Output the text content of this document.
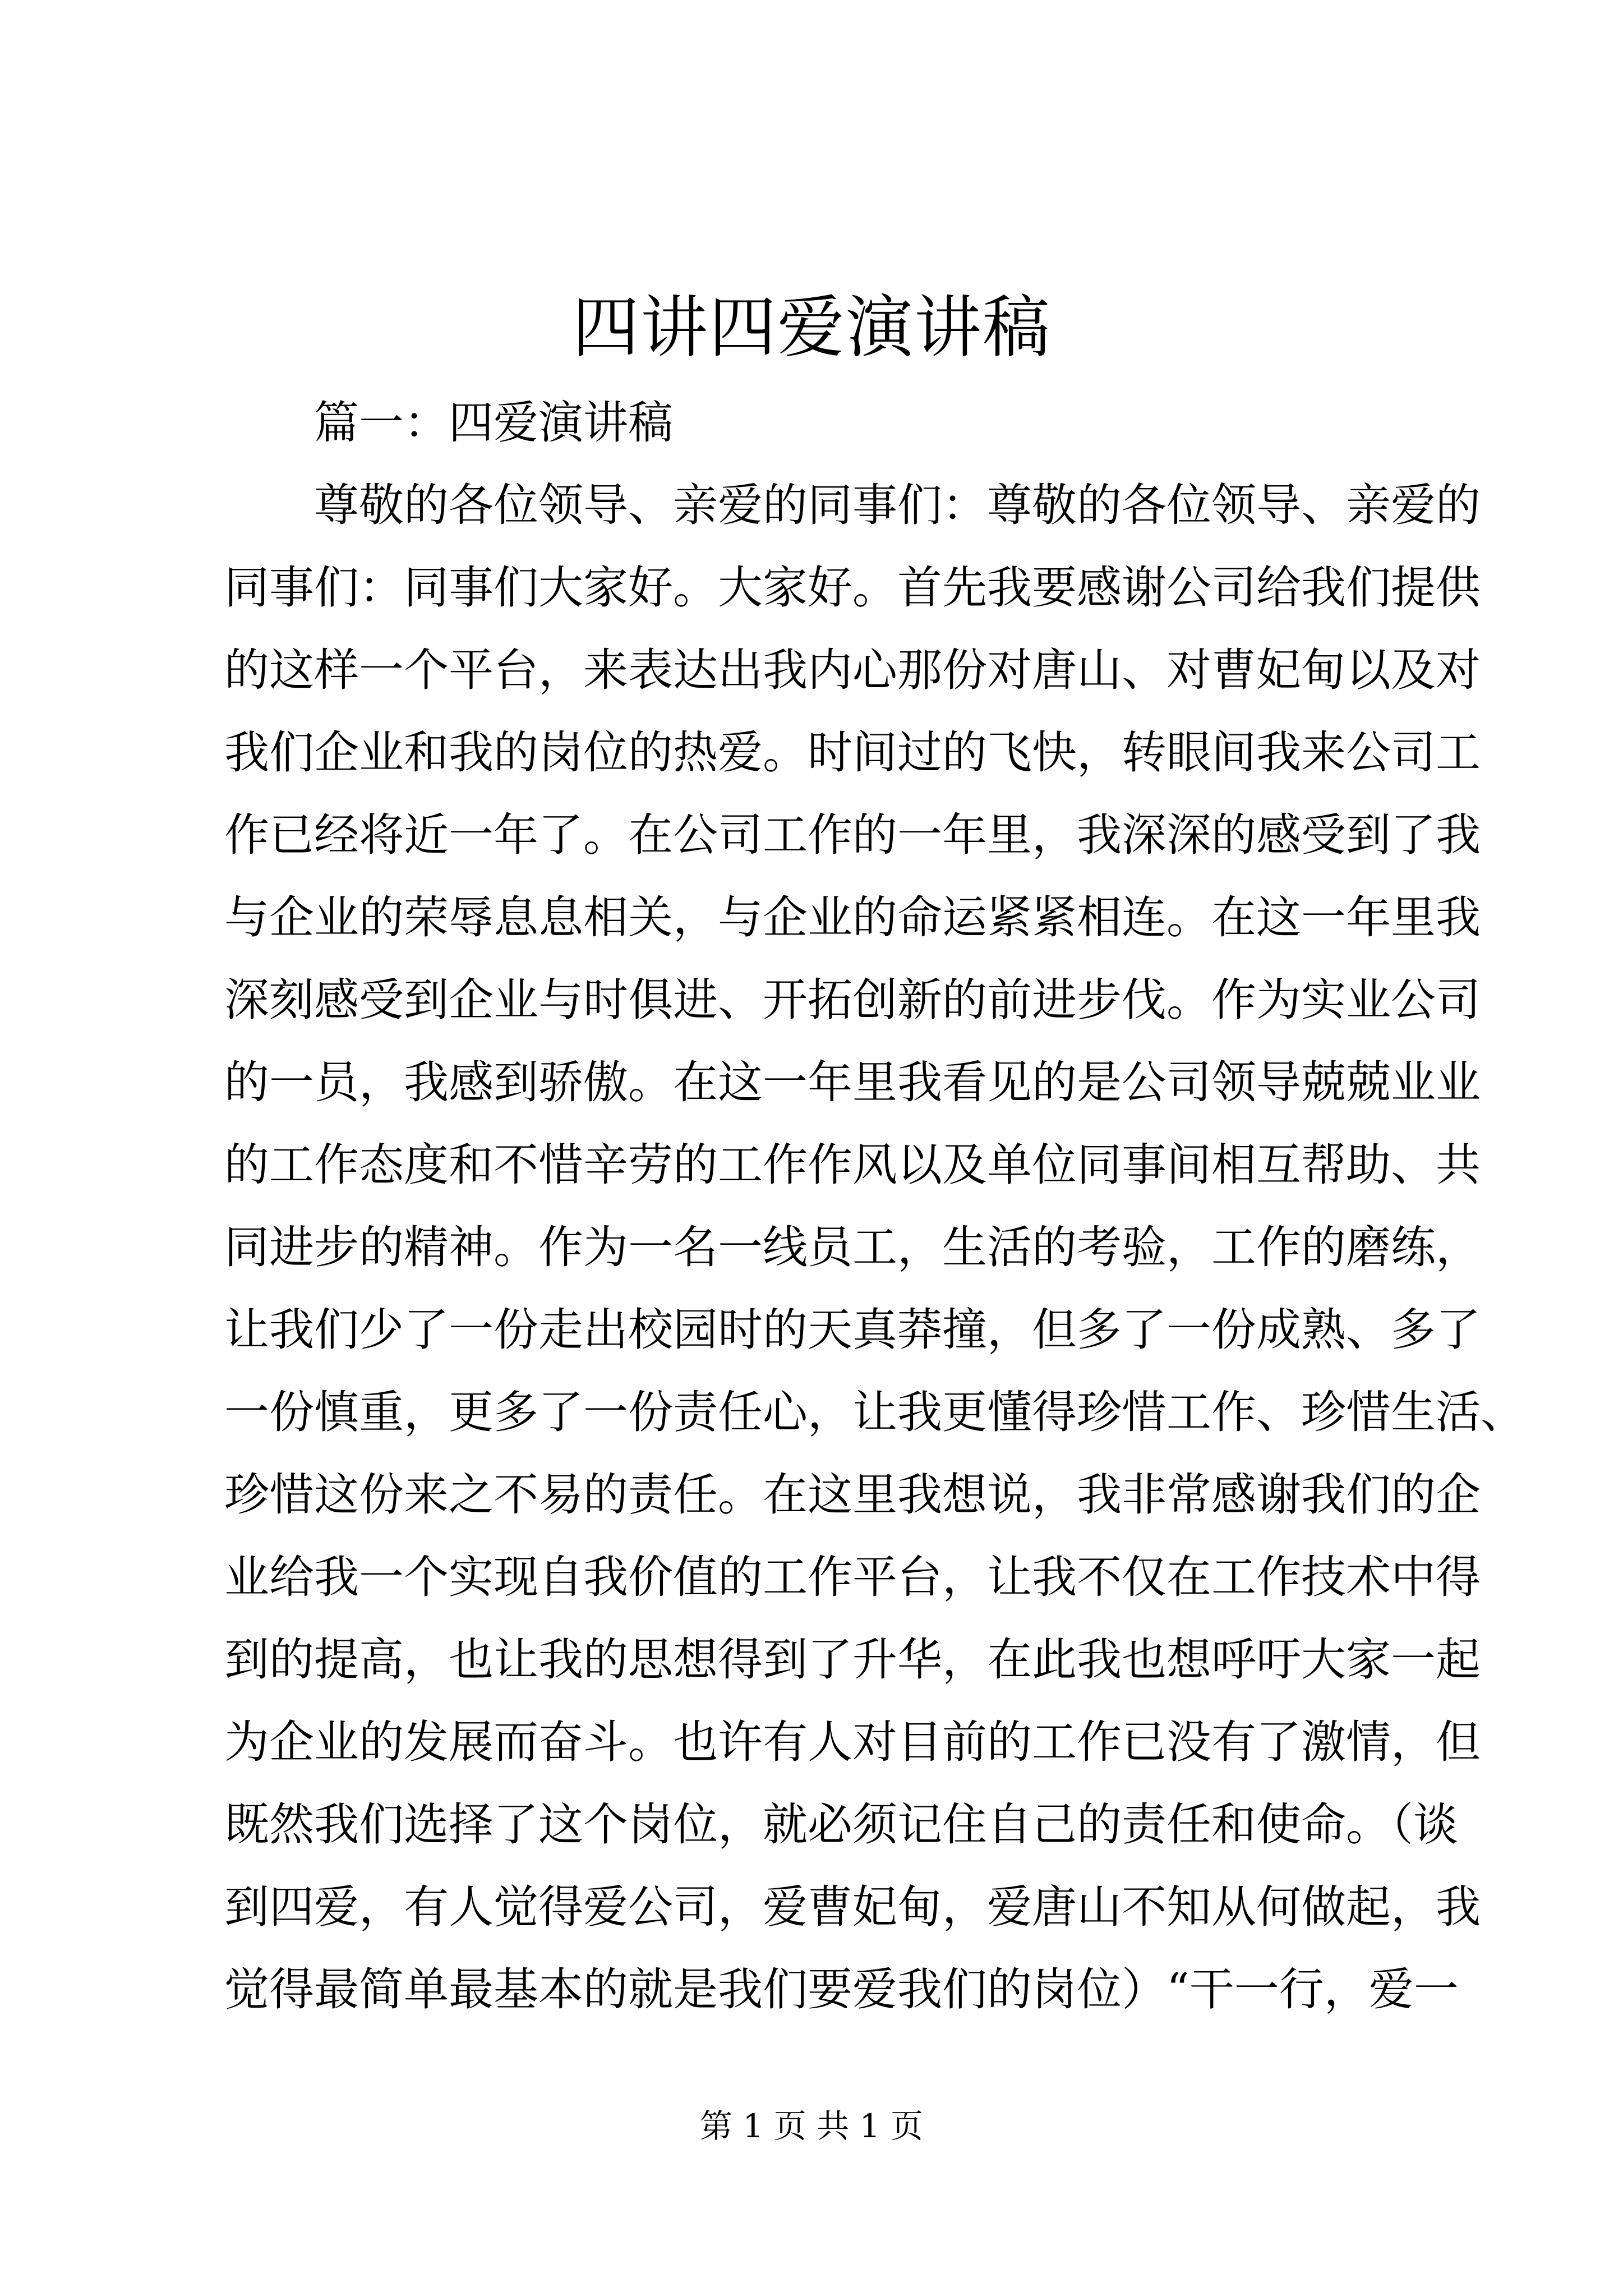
四讲四爱演讲稿
篇一：四爱演讲稿
尊敬的各位领导、亲爱的同事们：尊敬的各位领导、亲爱的
同事们：同事们大家好。大家好。首先我要感谢公司给我们提供
的这样一个平台，来表达出我内心那份对唐山、对曹妃甸以及对
我们企业和我的岗位的热爱。时间过的飞快，转眼间我来公司工
作已经将近一年了。在公司工作的一年里，我深深的感受到了我
与企业的荣辱息息相关，与企业的命运紧紧相连。在这一年里我
深刻感受到企业与时俱进、开拓创新的前进步伐。作为实业公司
的一员，我感到骄傲。在这一年里我看见的是公司领导兢兢业业
的工作态度和不惜辛劳的工作作风以及单位同事间相互帮助、共
同进步的精神。作为一名一线员工，生活的考验，工作的磨练，
让我们少了一份走出校园时的天真莽撞，但多了一份成熟、多了
一份慎重，更多了一份责任心，让我更懂得珍惜工作、珍惜生活、
珍惜这份来之不易的责任。在这里我想说，我非常感谢我们的企
业给我一个实现自我价值的工作平台，让我不仅在工作技术中得
到的提高，也让我的思想得到了升华，在此我也想呼吁大家一起
为企业的发展而奋斗。也许有人对目前的工作已没有了激情，但
既然我们选择了这个岗位，就必须记住自己的责任和使命。（谈
到四爱，有人觉得爱公司，爱曹妃甸，爱唐山不知从何做起，我
觉得最简单最基本的就是我们要爱我们的岗位）“干一行，爱一
第 1 页 共 1 页
